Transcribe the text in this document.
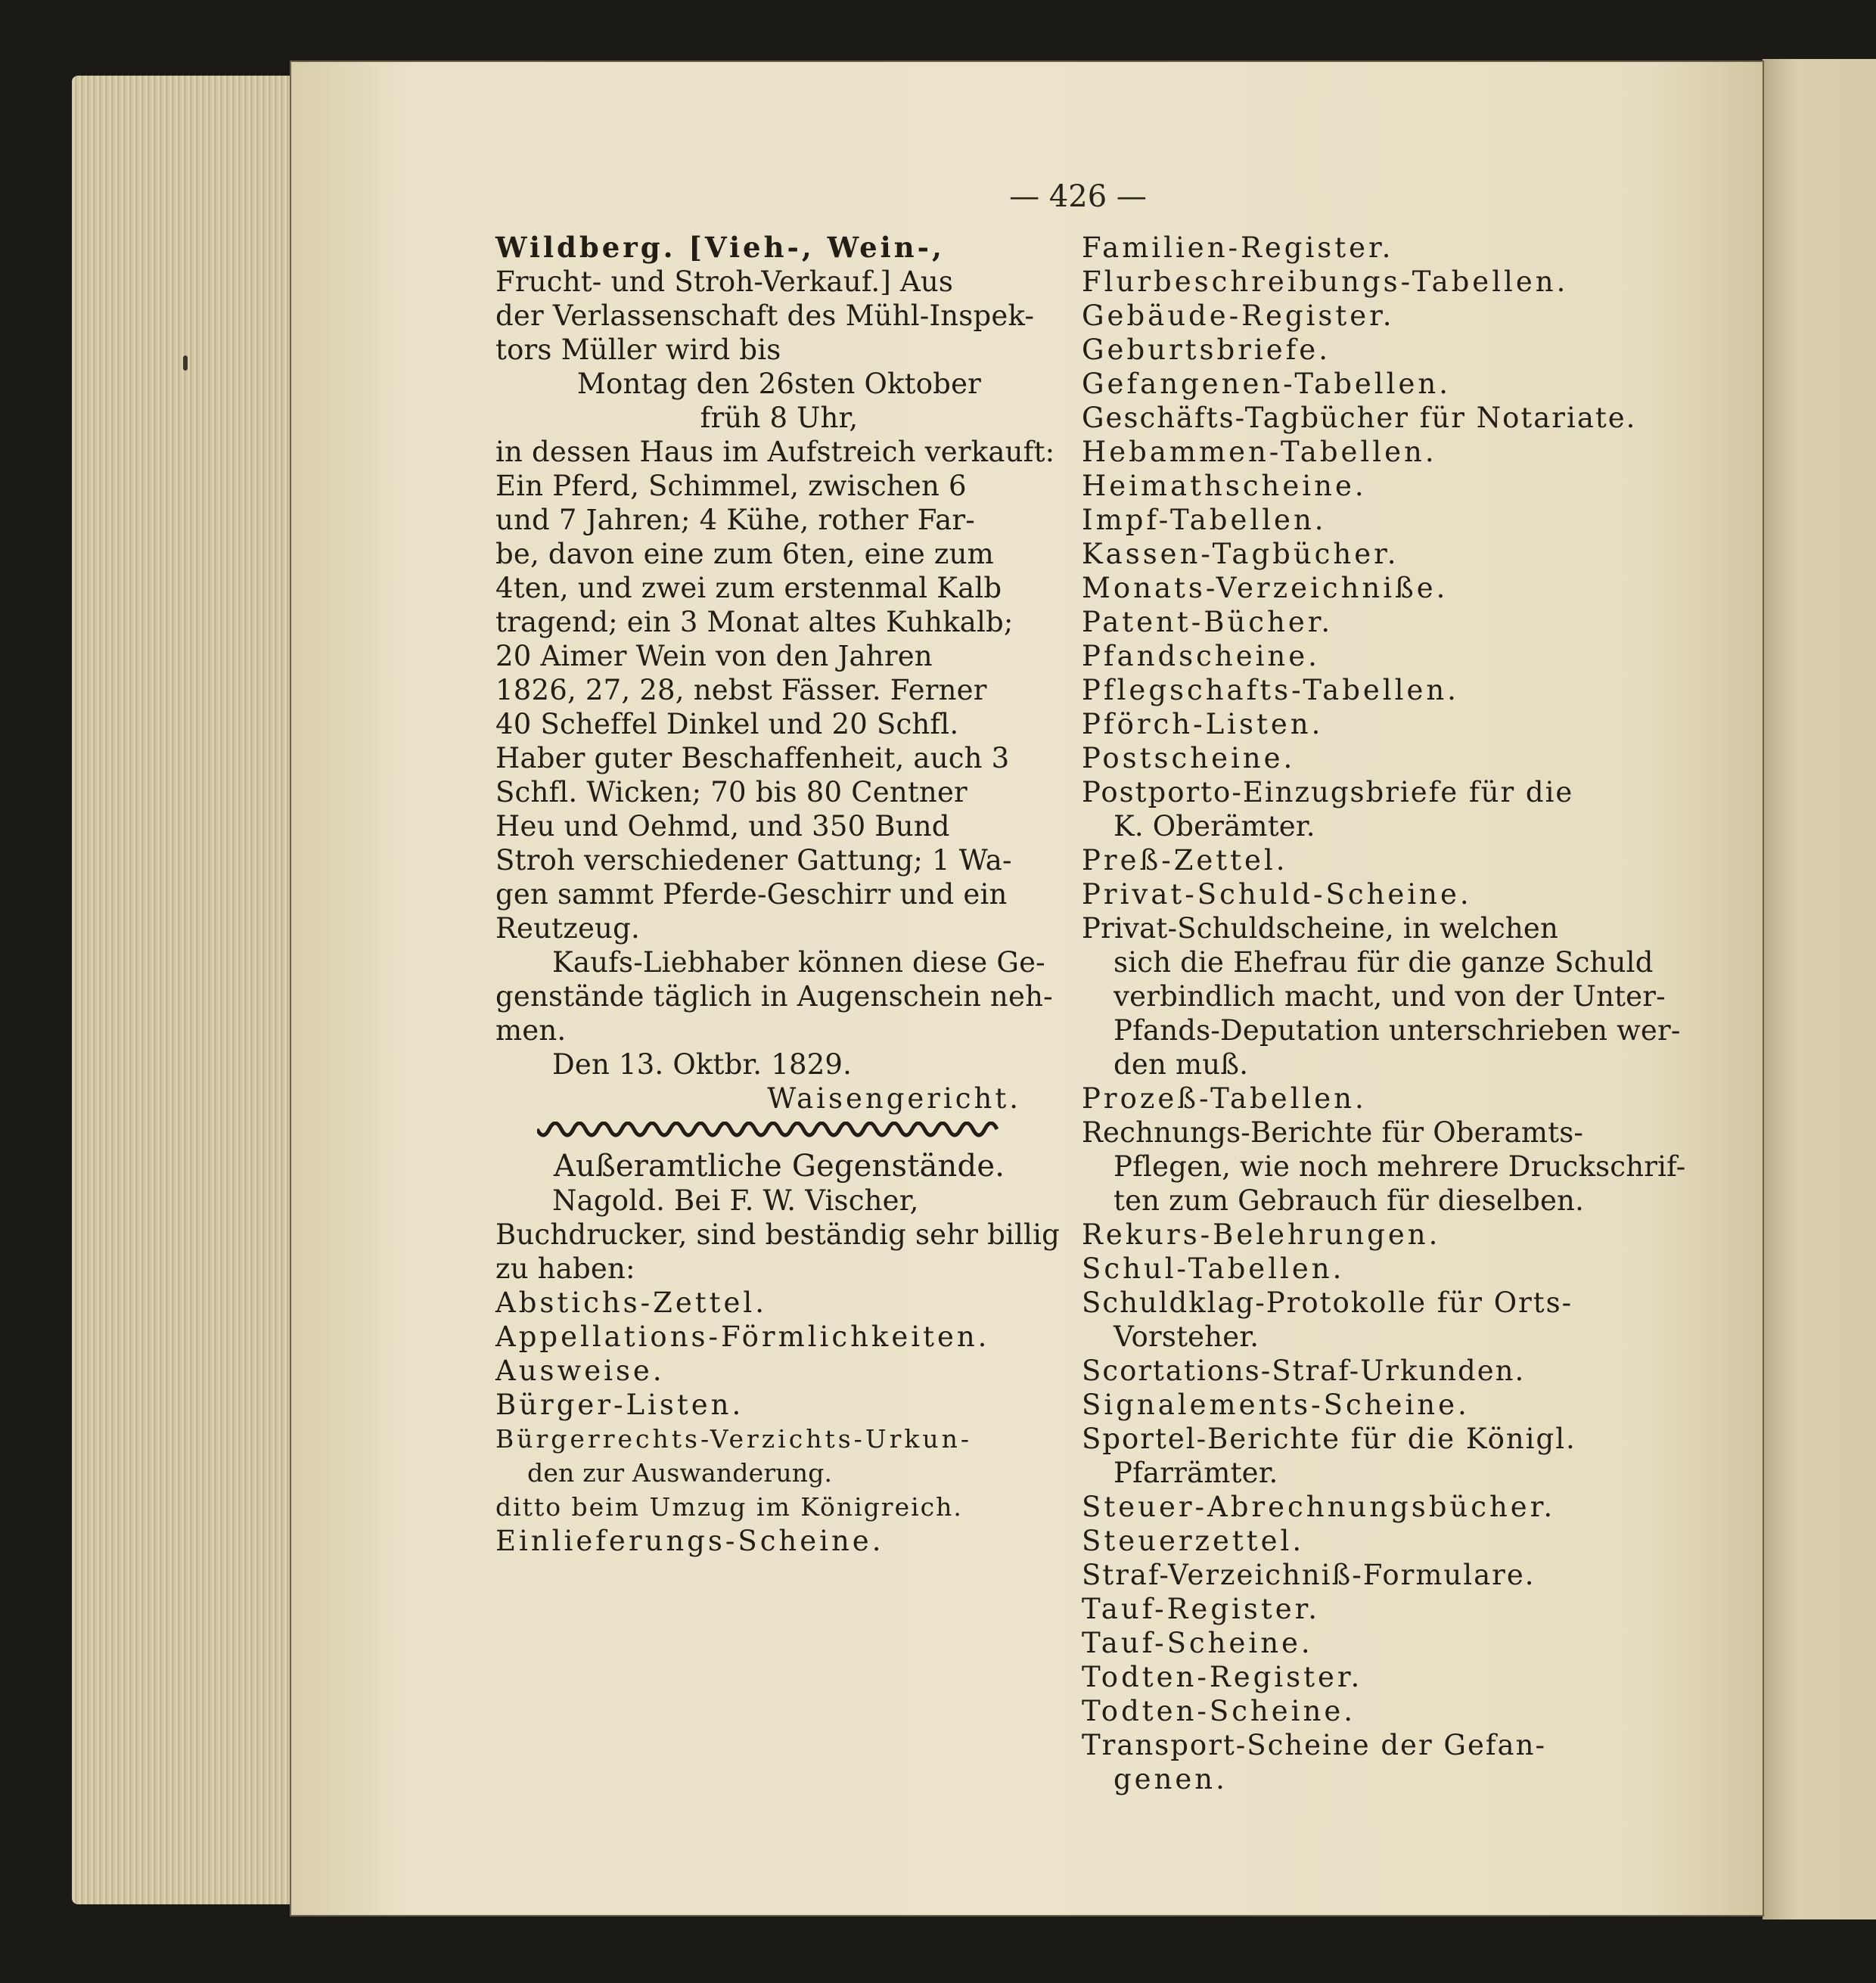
— 426 —
Wildberg. [Vieh-, Wein-,
Frucht- und Stroh-Verkauf.] Aus
der Verlassenschaft des Mühl-Inspek-
tors Müller wird bis
Montag den 26sten Oktober
früh 8 Uhr,
in dessen Haus im Aufstreich verkauft:
Ein Pferd, Schimmel, zwischen 6
und 7 Jahren; 4 Kühe, rother Far-
be, davon eine zum 6ten, eine zum
4ten, und zwei zum erstenmal Kalb
tragend; ein 3 Monat altes Kuhkalb;
20 Aimer Wein von den Jahren
1826, 27, 28, nebst Fässer. Ferner
40 Scheffel Dinkel und 20 Schfl.
Haber guter Beschaffenheit, auch 3
Schfl. Wicken; 70 bis 80 Centner
Heu und Oehmd, und 350 Bund
Stroh verschiedener Gattung; 1 Wa-
gen sammt Pferde-Geschirr und ein
Reutzeug.
Kaufs-Liebhaber können diese Ge-
genstände täglich in Augenschein neh-
men.
Den 13. Oktbr. 1829.
Waisengericht.
Außeramtliche Gegenstände.
Nagold. Bei F. W. Vischer,
Buchdrucker, sind beständig sehr billig
zu haben:
Abstichs-Zettel.
Appellations-Förmlichkeiten.
Ausweise.
Bürger-Listen.
Bürgerrechts-Verzichts-Urkun-
den zur Auswanderung.
ditto beim Umzug im Königreich.
Einlieferungs-Scheine.
Familien-Register.
Flurbeschreibungs-Tabellen.
Gebäude-Register.
Geburtsbriefe.
Gefangenen-Tabellen.
Geschäfts-Tagbücher für Notariate.
Hebammen-Tabellen.
Heimathscheine.
Impf-Tabellen.
Kassen-Tagbücher.
Monats-Verzeichniße.
Patent-Bücher.
Pfandscheine.
Pflegschafts-Tabellen.
Pförch-Listen.
Postscheine.
Postporto-Einzugsbriefe für die
K. Oberämter.
Preß-Zettel.
Privat-Schuld-Scheine.
Privat-Schuldscheine, in welchen
sich die Ehefrau für die ganze Schuld
verbindlich macht, und von der Unter-
Pfands-Deputation unterschrieben wer-
den muß.
Prozeß-Tabellen.
Rechnungs-Berichte für Oberamts-
Pflegen, wie noch mehrere Druckschrif-
ten zum Gebrauch für dieselben.
Rekurs-Belehrungen.
Schul-Tabellen.
Schuldklag-Protokolle für Orts-
Vorsteher.
Scortations-Straf-Urkunden.
Signalements-Scheine.
Sportel-Berichte für die Königl.
Pfarrämter.
Steuer-Abrechnungsbücher.
Steuerzettel.
Straf-Verzeichniß-Formulare.
Tauf-Register.
Tauf-Scheine.
Todten-Register.
Todten-Scheine.
Transport-Scheine der Gefan-
genen.
